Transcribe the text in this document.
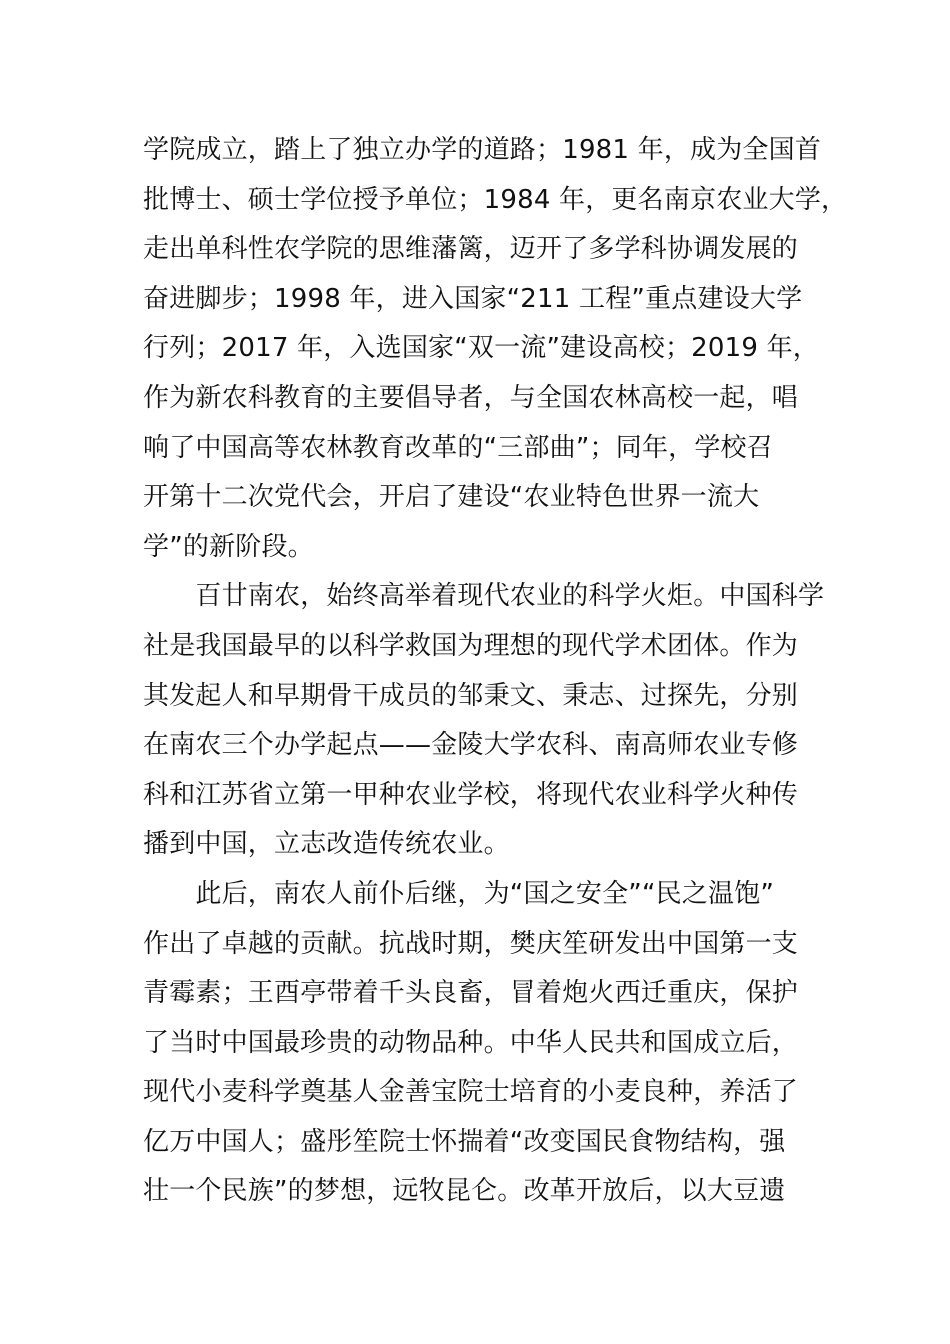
学院成立，踏上了独立办学的道路；1981 年，成为全国首
批博士、硕士学位授予单位；1984 年，更名南京农业大学，
走出单科性农学院的思维藩篱，迈开了多学科协调发展的
奋进脚步；1998 年，进入国家“211 工程”重点建设大学
行列；2017 年，入选国家“双一流”建设高校；2019 年，
作为新农科教育的主要倡导者，与全国农林高校一起，唱
响了中国高等农林教育改革的“三部曲”；同年，学校召
开第十二次党代会，开启了建设“农业特色世界一流大
学”的新阶段。
　　百廿南农，始终高举着现代农业的科学火炬。中国科学
社是我国最早的以科学救国为理想的现代学术团体。作为
其发起人和早期骨干成员的邹秉文、秉志、过探先，分别
在南农三个办学起点——金陵大学农科、南高师农业专修
科和江苏省立第一甲种农业学校，将现代农业科学火种传
播到中国，立志改造传统农业。
　　此后，南农人前仆后继，为“国之安全”“民之温饱”
作出了卓越的贡献。抗战时期，樊庆笙研发出中国第一支
青霉素；王酉亭带着千头良畜，冒着炮火西迁重庆，保护
了当时中国最珍贵的动物品种。中华人民共和国成立后，
现代小麦科学奠基人金善宝院士培育的小麦良种，养活了
亿万中国人；盛彤笙院士怀揣着“改变国民食物结构，强
壮一个民族”的梦想，远牧昆仑。改革开放后，以大豆遗
